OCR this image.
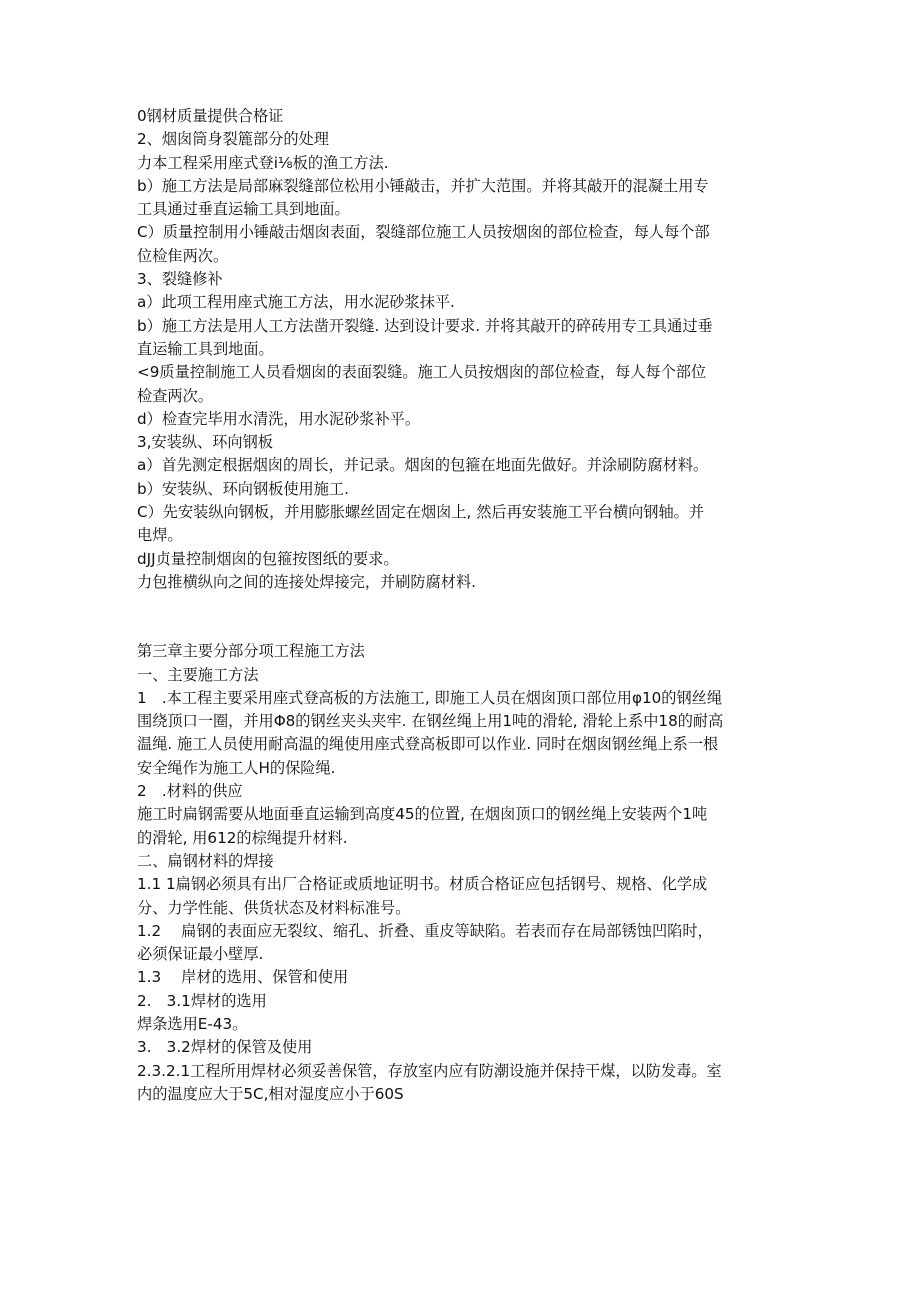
0钢材质量提供合格证
2、烟囱筒身裂簏部分的处理
力本工程采用座式登i⅛板的渔工方法.
b）施工方法是局部麻裂缝部位松用小锤敲击，并扩大范围。并将其敲开的混凝土用专
工具通过垂直运输工具到地面。
C）质量控制用小锤敲击烟囱表面，裂缝部位施工人员按烟囱的部位检查，每人每个部
位检隹两次。
3、裂缝修补
a）此项工程用座式施工方法，用水泥砂浆抹平.
b）施工方法是用人工方法凿开裂缝. 达到设计要求. 并将其敲开的碎砖用专工具通过垂
直运输工具到地面。
<9质量控制施工人员看烟囱的表面裂缝。施工人员按烟囱的部位检查，每人每个部位
检查两次。
d）检查完毕用水清洗，用水泥砂浆补平。
3,安装纵、环向钢板
a）首先测定根据烟囱的周长，并记录。烟囱的包箍在地面先做好。并涂刷防腐材料。
b）安装纵、环向钢板使用施工.
C）先安装纵向钢板，并用膨胀螺丝固定在烟囱上, 然后再安装施工平台横向钢轴。并
电焊。
dJJ贞量控制烟囱的包箍按图纸的要求。
力包推横纵向之间的连接处焊接完，并刷防腐材料.
第三章主要分部分项工程施工方法
一、主要施工方法
1　.本工程主要采用座式登高板的方法施工, 即施工人员在烟囱顶口部位用φ10的钢丝绳
围绕顶口一圈，并用Φ8的钢丝夹头夹牢. 在钢丝绳上用1吨的滑轮, 滑轮上系中18的耐高
温绳. 施工人员使用耐高温的绳使用座式登高板即可以作业. 同时在烟囱钢丝绳上系一根
安全绳作为施工人H的保险绳.
2　.材料的供应
施工时扁钢需要从地面垂直运输到高度45的位置, 在烟囱顶口的钢丝绳上安装两个1吨
的滑轮, 用612的棕绳提升材料.
二、扁钢材料的焊接
1.1 1扁钢必须具有出厂合格证或质地证明书。材质合格证应包括钢号、规格、化学成
分、力学性能、供货状态及材料标准号。
1.2　 扁钢的表面应无裂纹、缩孔、折叠、重皮等缺陷。若表而存在局部锈蚀凹陷时，
必须保证最小壁厚.
1.3　 岸材的选用、保管和使用
2.　3.1焊材的选用
焊条选用E-43。
3.　3.2焊材的保管及使用
2.3.2.1工程所用焊材必须妥善保管，存放室内应有防潮设施并保持干煤，以防发毒。室
内的温度应大于5C,相对湿度应小于60S
